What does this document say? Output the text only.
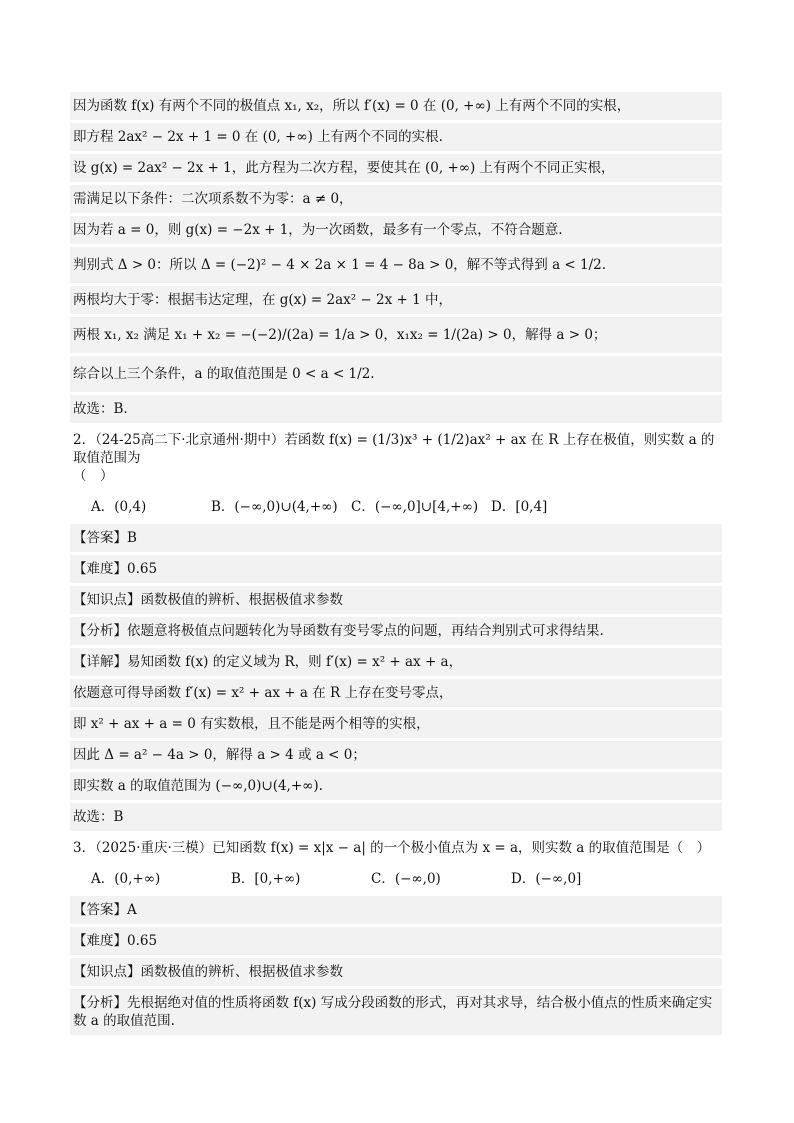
因为函数 f(x) 有两个不同的极值点 x₁, x₂，所以 f′(x) = 0 在 (0, +∞) 上有两个不同的实根，
即方程 2ax² − 2x + 1 = 0 在 (0, +∞) 上有两个不同的实根.
设 g(x) = 2ax² − 2x + 1，此方程为二次方程，要使其在 (0, +∞) 上有两个不同正实根，
需满足以下条件：二次项系数不为零：a ≠ 0，
因为若 a = 0，则 g(x) = −2x + 1，为一次函数，最多有一个零点，不符合题意.
判别式 Δ > 0：所以 Δ = (−2)² − 4 × 2a × 1 = 4 − 8a > 0，解不等式得到 a < 1/2.
两根均大于零：根据韦达定理，在 g(x) = 2ax² − 2x + 1 中，
两根 x₁, x₂ 满足 x₁ + x₂ = −(−2)/(2a) = 1/a > 0，x₁x₂ = 1/(2a) > 0，解得 a > 0；
综合以上三个条件，a 的取值范围是 0 < a < 1/2.
故选：B.
2．（24-25高二下·北京通州·期中）若函数 f(x) = (1/3)x³ + (1/2)ax² + ax 在 R 上存在极值，则实数 a 的取值范围为
（　）
A．(0,4)	B．(−∞,0)∪(4,+∞) C．(−∞,0]∪[4,+∞) D．[0,4]
【答案】B
【难度】0.65
【知识点】函数极值的辨析、根据极值求参数
【分析】依题意将极值点问题转化为导函数有变号零点的问题，再结合判别式可求得结果.
【详解】易知函数 f(x) 的定义域为 R，则 f′(x) = x² + ax + a，
依题意可得导函数 f′(x) = x² + ax + a 在 R 上存在变号零点，
即 x² + ax + a = 0 有实数根，且不能是两个相等的实根，
因此 Δ = a² − 4a > 0，解得 a > 4 或 a < 0；
即实数 a 的取值范围为 (−∞,0)∪(4,+∞).
故选：B
3．（2025·重庆·三模）已知函数 f(x) = x|x − a| 的一个极小值点为 x = a，则实数 a 的取值范围是（　）
A．(0,+∞)	B．[0,+∞)	C．(−∞,0)	D．(−∞,0]
【答案】A
【难度】0.65
【知识点】函数极值的辨析、根据极值求参数
【分析】先根据绝对值的性质将函数 f(x) 写成分段函数的形式，再对其求导，结合极小值点的性质来确定实数 a 的取值范围.
